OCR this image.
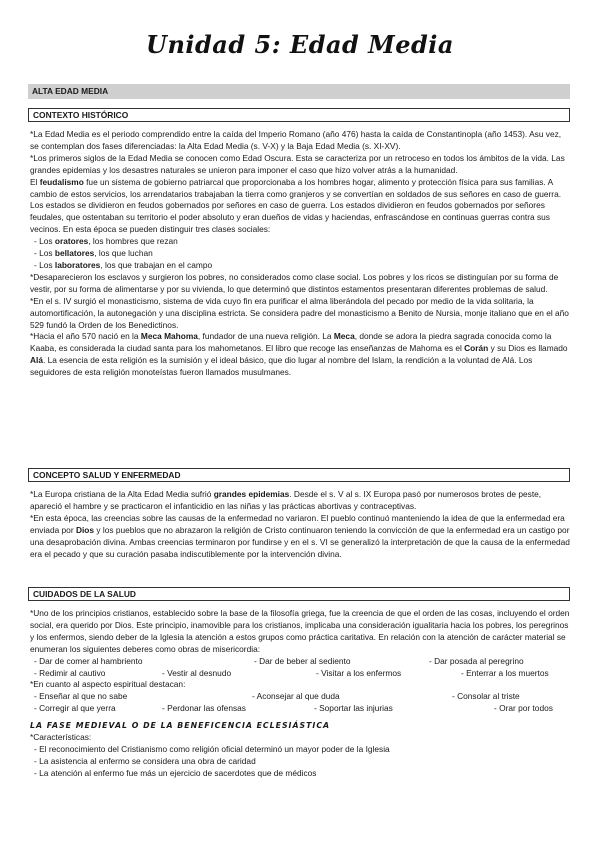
Unidad 5: Edad Media
ALTA EDAD MEDIA
CONTEXTO HISTÓRICO

*La Edad Media es el periodo comprendido entre la caída del Imperio Romano (año 476) hasta la caída de Constantinopla (año 1453). Asu vez, se contemplan dos fases diferenciadas: la Alta Edad Media (s. V-X) y la Baja Edad Media (s. XI-XV).

*Los primeros siglos de la Edad Media se conocen como Edad Oscura. Esta se caracteriza por un retroceso en todos los ámbitos de la vida. Las grandes epidemias y los desastres naturales se unieron para imponer el caso que hizo volver atrás a la humanidad.

El feudalismo fue un sistema de gobierno patriarcal que proporcionaba a los hombres hogar, alimento y protección física para sus familias. A cambio de estos servicios, los arrendatarios trabajaban la tierra como granjeros y se convertían en soldados de sus señores en caso de guerra. Los estados se dividieron en feudos gobernados por señores en caso de guerra. Los estados dividieron en feudos gobernados por señores feudales, que ostentaban su territorio el poder absoluto y eran dueños de vidas y haciendas, enfrascándose en continuas guerras contra sus vecinos. En esta época se pueden distinguir tres clases sociales:

- Los oratores, los hombres que rezan

- Los bellatores, los que luchan

- Los laboratores, los que trabajan en el campo

*Desaparecieron los esclavos y surgieron los pobres, no considerados como clase social. Los pobres y los ricos se distinguían por su forma de vestir, por su forma de alimentarse y por su vivienda, lo que determinó que distintos estamentos presentaran diferentes problemas de salud.

*En el s. IV surgió el monasticismo, sistema de vida cuyo fin era purificar el alma liberándola del pecado por medio de la vida solitaria, la automortificación, la autonegación y una disciplina estricta. Se considera padre del monasticismo a Benito de Nursia, monje italiano que en el año 529 fundó la Orden de los Benedictinos.

*Hacia el año 570 nació en la Meca Mahoma, fundador de una nueva religión. La Meca, donde se adora la piedra sagrada conocida como la Kaaba, es considerada la ciudad santa para los mahometanos. El libro que recoge las enseñanzas de Mahoma es el Corán y su Dios es llamado Alá. La esencia de esta religión es la sumisión y el ideal básico, que dio lugar al nombre del Islam, la rendición a la voluntad de Alá. Los seguidores de esta religión monoteístas fueron llamados musulmanes.

CONCEPTO SALUD Y ENFERMEDAD

*La Europa cristiana de la Alta Edad Media sufrió grandes epidemias. Desde el s. V al s. IX Europa pasó por numerosos brotes de peste, apareció el hambre y se practicaron el infanticidio en las niñas y las prácticas abortivas y contraceptivas.

*En esta época, las creencias sobre las causas de la enfermedad no variaron. El pueblo continuó manteniendo la idea de que la enfermedad era enviada por Dios y los pueblos que no abrazaron la religión de Cristo continuaron teniendo la convicción de que la enfermedad era un castigo por una desaprobación divina. Ambas creencias terminaron por fundirse y en el s. VI se generalizó la interpretación de que la causa de la enfermedad era el pecado y que su curación pasaba indiscutiblemente por la intervención divina.

CUIDADOS DE LA SALUD

*Uno de los principios cristianos, establecido sobre la base de la filosofía griega, fue la creencia de que el orden de las cosas, incluyendo el orden social, era querido por Dios. Este principio, inamovible para los cristianos, implicaba una consideración igualitaria hacia los pobres, los peregrinos y los enfermos, siendo deber de la Iglesia la atención a estos grupos como práctica caritativa. En relación con la atención de carácter material se enumeran los siguientes deberes como obras de misericordia:

- Dar de comer al hambriento	- Dar de beber al sediento	- Dar posada al peregrino
- Redimir al cautivo	- Vestir al desnudo	- Visitar a los enfermos	- Enterrar a los muertos

*En cuanto al aspecto espiritual destacan:

- Enseñar al que no sabe	- Aconsejar al que duda	- Consolar al triste
- Corregir al que yerra	- Perdonar las ofensas	- Soportar las injurias	- Orar por todos

LA FASE MEDIEVAL O DE LA BENEFICENCIA ECLESIÁSTICA

*Características:

- El reconocimiento del Cristianismo como religión oficial determinó un mayor poder de la Iglesia

- La asistencia al enfermo se considera una obra de caridad

- La atención al enfermo fue más un ejercicio de sacerdotes que de médicos
